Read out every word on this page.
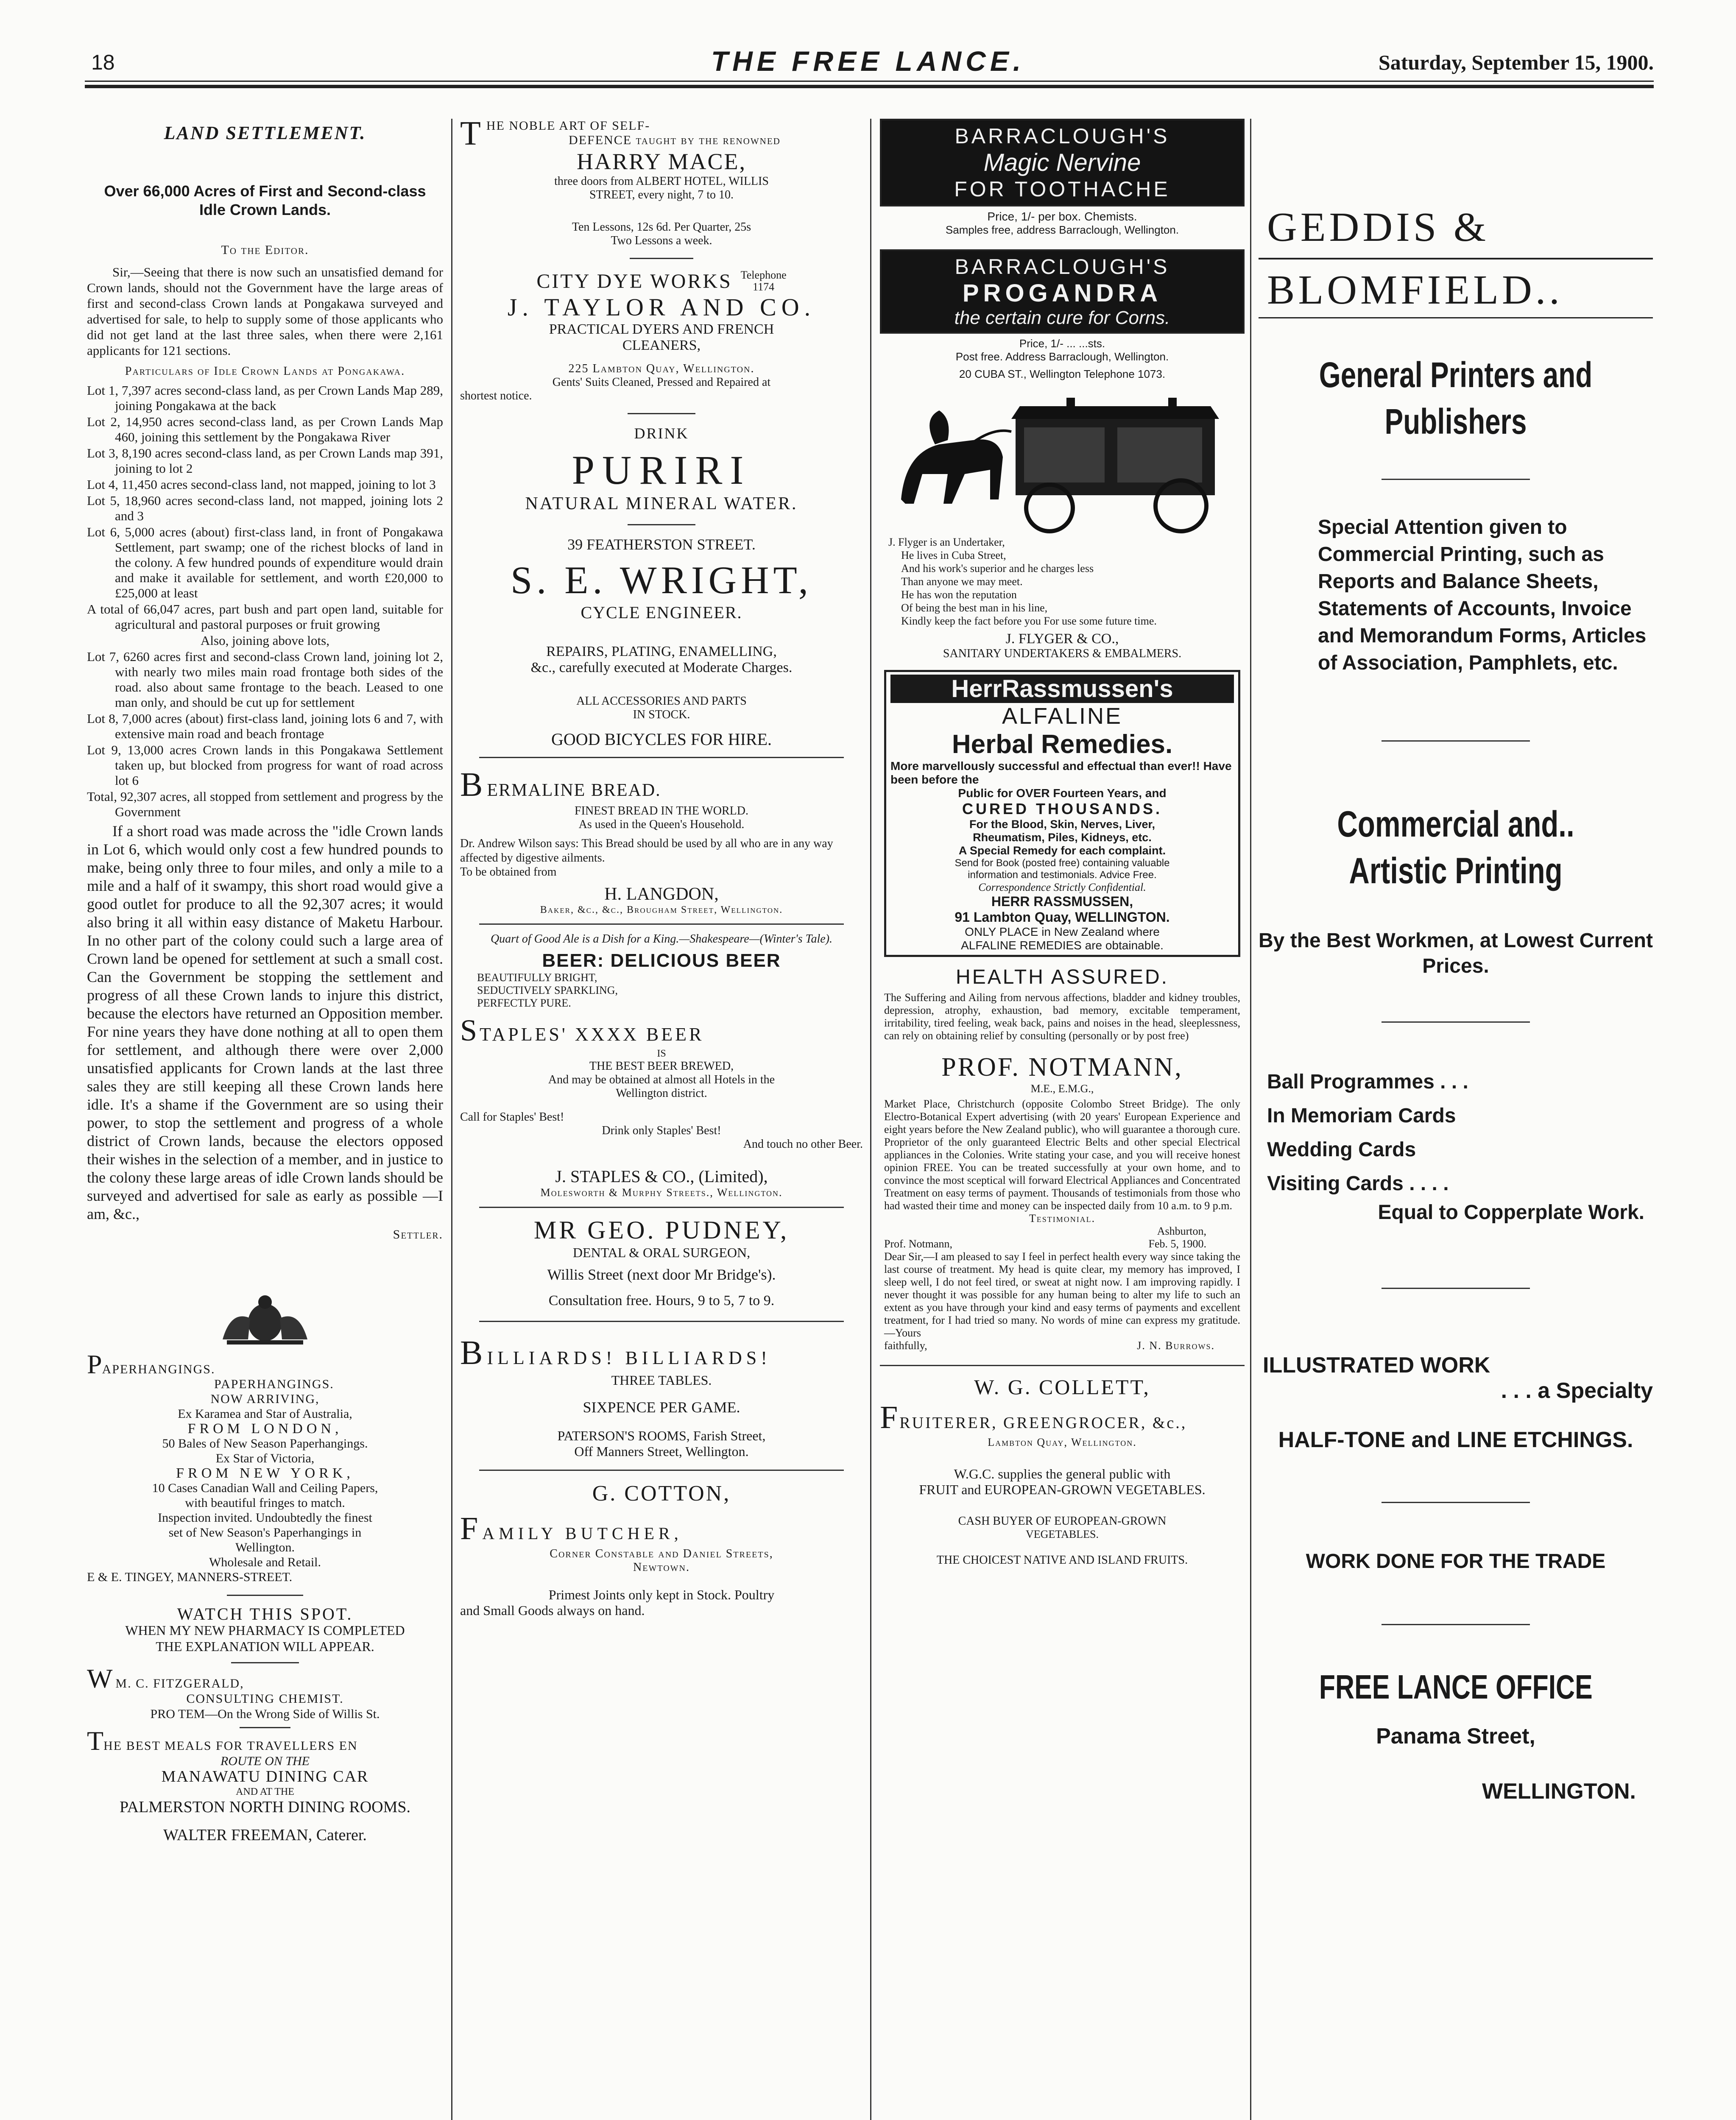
18	THE FREE LANCE.	Saturday, September 15, 1900.
LAND SETTLEMENT.
Over 66,000 Acres of First and Second-class Idle Crown Lands.
To the Editor.
Sir,—Seeing that there is now such an unsatisfied demand for Crown lands, should not the Government have the large areas of first and second-class Crown lands at Pongakawa surveyed and advertised for sale, to help to supply some of those applicants who did not get land at the last three sales, when there were 2,161 applicants for 121 sections.
Particulars of Idle Crown Lands at Pongakawa.

Lot 1, 7,397 acres second-class land, as per Crown Lands Map 289, joining Pongakawa at the back

Lot 2, 14,950 acres second-class land, as per Crown Lands Map 460, joining this settlement by the Pongakawa River

Lot 3, 8,190 acres second-class land, as per Crown Lands map 391, joining to lot 2

Lot 4, 11,450 acres second-class land, not mapped, joining to lot 3

Lot 5, 18,960 acres second-class land, not mapped, joining lots 2 and 3

Lot 6, 5,000 acres (about) first-class land, in front of Pongakawa Settlement, part swamp; one of the richest blocks of land in the colony. A few hundred pounds of expenditure would drain and make it available for settlement, and worth £20,000 to £25,000 at least

A total of 66,047 acres, part bush and part open land, suitable for agricultural and pastoral purposes or fruit growing

Also, joining above lots,

Lot 7, 6260 acres first and second-class Crown land, joining lot 2, with nearly two miles main road frontage both sides of the road. also about same frontage to the beach. Leased to one man only, and should be cut up for settlement

Lot 8, 7,000 acres (about) first-class land, joining lots 6 and 7, with extensive main road and beach frontage

Lot 9, 13,000 acres Crown lands in this Pongakawa Settlement taken up, but blocked from progress for want of road across lot 6

Total, 92,307 acres, all stopped from settlement and progress by the Government

If a short road was made across the "idle Crown lands in Lot 6, which would only cost a few hundred pounds to make, being only three to four miles, and only a mile to a mile and a half of it swampy, this short road would give a good outlet for produce to all the 92,307 acres; it would also bring it all within easy distance of Maketu Harbour. In no other part of the colony could such a large area of Crown land be opened for settlement at such a small cost. Can the Government be stopping the settlement and progress of all these Crown lands to injure this district, because the electors have returned an Opposition member. For nine years they have done nothing at all to open them for settlement, and although there were over 2,000 unsatisfied applicants for Crown lands at the last three sales they are still keeping all these Crown lands here idle. It's a shame if the Government are so using their power, to stop the settlement and progress of a whole district of Crown lands, because the electors opposed their wishes in the selection of a member, and in justice to the colony these large areas of idle Crown lands should be surveyed and advertised for sale as early as possible —I am, &c.,
Settler.
PAPERHANGINGS.
PAPERHANGINGS.
NOW ARRIVING,
Ex Karamea and Star of Australia,
FROM LONDON,
50 Bales of New Season Paperhangings.
Ex Star of Victoria,
FROM NEW YORK,
10 Cases Canadian Wall and Ceiling Papers,
with beautiful fringes to match.
Inspection invited. Undoubtedly the finest
set of New Season's Paperhangings in
Wellington.
Wholesale and Retail.
E & E. TINGEY, MANNERS-STREET.
WATCH THIS SPOT.
WHEN MY NEW PHARMACY IS COMPLETED
THE EXPLANATION WILL APPEAR.
WM. C. FITZGERALD,
CONSULTING CHEMIST.
PRO TEM—On the Wrong Side of Willis St.
THE BEST MEALS FOR TRAVELLERS EN
ROUTE ON THE
MANAWATU DINING CAR
AND AT THE
PALMERSTON NORTH DINING ROOMS.
WALTER FREEMAN, Caterer.
THE NOBLE ART OF SELF-
DEFENCE taught by the renowned
HARRY MACE,
three doors from ALBERT HOTEL, WILLIS
STREET, every night, 7 to 10.
Ten Lessons, 12s 6d. Per Quarter, 25s
Two Lessons a week.
CITY DYE WORKS Telephone
1174
J. TAYLOR AND CO.
PRACTICAL DYERS AND FRENCH
CLEANERS,
225 Lambton Quay, Wellington.
Gents' Suits Cleaned, Pressed and Repaired at
shortest notice.
DRINK
PURIRI
NATURAL MINERAL WATER.
39 FEATHERSTON STREET.
S. E. WRIGHT,
CYCLE ENGINEER.
REPAIRS, PLATING, ENAMELLING,
&c., carefully executed at Moderate Charges.
ALL ACCESSORIES AND PARTS
IN STOCK.
GOOD BICYCLES FOR HIRE.
BERMALINE BREAD.
FINEST BREAD IN THE WORLD.
As used in the Queen's Household.
Dr. Andrew Wilson says: This Bread should be used by all who are in any way affected by digestive ailments.
To be obtained from
H. LANGDON,
Baker, &c., &c., Brougham Street, Wellington.
Quart of Good Ale is a Dish for a King.—Shakespeare—(Winter's Tale).
BEER: DELICIOUS BEER
BEAUTIFULLY BRIGHT,
SEDUCTIVELY SPARKLING,
PERFECTLY PURE.
STAPLES' XXXX BEER
IS
THE BEST BEER BREWED,
And may be obtained at almost all Hotels in the
Wellington district.
Call for Staples' Best!
Drink only Staples' Best!
And touch no other Beer.
J. STAPLES & CO., (Limited),
Molesworth & Murphy Streets., Wellington.
MR GEO. PUDNEY,
DENTAL & ORAL SURGEON,
Willis Street (next door Mr Bridge's).
Consultation free. Hours, 9 to 5, 7 to 9.
BILLIARDS! BILLIARDS!
THREE TABLES.
SIXPENCE PER GAME.
PATERSON'S ROOMS, Farish Street,
Off Manners Street, Wellington.
G. COTTON,
FAMILY BUTCHER,
Corner Constable and Daniel Streets,
Newtown.
Primest Joints only kept in Stock. Poultry
and Small Goods always on hand.
BARRACLOUGH'S
Magic Nervine
FOR TOOTHACHE
Price, 1/- per box. Chemists.
Samples free, address Barraclough, Wellington.
BARRACLOUGH'S
PROGANDRA
the certain cure for Corns.
Price, 1/- ... ...sts.
Post free. Address Barraclough, Wellington.
20 CUBA ST., Wellington Telephone 1073.
J. Flyger is an Undertaker,
He lives in Cuba Street,
And his work's superior and he charges less
Than anyone we may meet.
He has won the reputation
Of being the best man in his line,
Kindly keep the fact before you For use some future time.
J. FLYGER & CO.,
SANITARY UNDERTAKERS & EMBALMERS.
HerrRassmussen's
ALFALINE
Herbal Remedies.
More marvellously successful and effectual than ever!! Have been before the
Public for OVER Fourteen Years, and
CURED THOUSANDS.
For the Blood, Skin, Nerves, Liver,
Rheumatism, Piles, Kidneys, etc.
A Special Remedy for each complaint.
Send for Book (posted free) containing valuable
information and testimonials. Advice Free.
Correspondence Strictly Confidential.
HERR RASSMUSSEN,
91 Lambton Quay, WELLINGTON.
ONLY PLACE in New Zealand where
ALFALINE REMEDIES are obtainable.
HEALTH ASSURED.
The Suffering and Ailing from nervous affections, bladder and kidney troubles, depression, atrophy, exhaustion, bad memory, excitable temperament, irritability, tired feeling, weak back, pains and noises in the head, sleeplessness, can rely on obtaining relief by consulting (personally or by post free)
PROF. NOTMANN,
M.E., E.M.G.,
Market Place, Christchurch (opposite Colombo Street Bridge). The only Electro-Botanical Expert advertising (with 20 years' European Experience and eight years before the New Zealand public), who will guarantee a thorough cure. Proprietor of the only guaranteed Electric Belts and other special Electrical appliances in the Colonies. Write stating your case, and you will receive honest opinion FREE. You can be treated successfully at your own home, and to convince the most sceptical will forward Electrical Appliances and Concentrated Treatment on easy terms of payment. Thousands of testimonials from those who had wasted their time and money can be inspected daily from 10 a.m. to 9 p.m.
Testimonial.
Ashburton,
Prof. Notmann,	Feb. 5, 1900.
Dear Sir,—I am pleased to say I feel in perfect health every way since taking the last course of treatment. My head is quite clear, my memory has improved, I sleep well, I do not feel tired, or sweat at night now. I am improving rapidly. I never thought it was possible for any human being to alter my life to such an extent as you have through your kind and easy terms of payments and excellent treatment, for I had tried so many. No words of mine can express my gratitude.—Yours
faithfully,	J. N. Burrows.
W. G. COLLETT,
FRUITERER, GREENGROCER, &c.,
Lambton Quay, Wellington.
W.G.C. supplies the general public with
FRUIT and EUROPEAN-GROWN VEGETABLES.
CASH BUYER OF EUROPEAN-GROWN
VEGETABLES.
THE CHOICEST NATIVE AND ISLAND FRUITS.
GEDDIS &
BLOMFIELD..
General Printers and Publishers
Special Attention given to Commercial Printing, such as Reports and Balance Sheets, Statements of Accounts, Invoice and Memorandum Forms, Articles of Association, Pamphlets, etc.
Commercial and.. Artistic Printing
By the Best Workmen, at Lowest Current Prices.
Ball Programmes . . .
In Memoriam Cards
Wedding Cards
Visiting Cards . . . .
Equal to Copperplate Work.
ILLUSTRATED WORK
. . . a Specialty
HALF-TONE and LINE ETCHINGS.
WORK DONE FOR THE TRADE
FREE LANCE OFFICE
Panama Street,
WELLINGTON.
